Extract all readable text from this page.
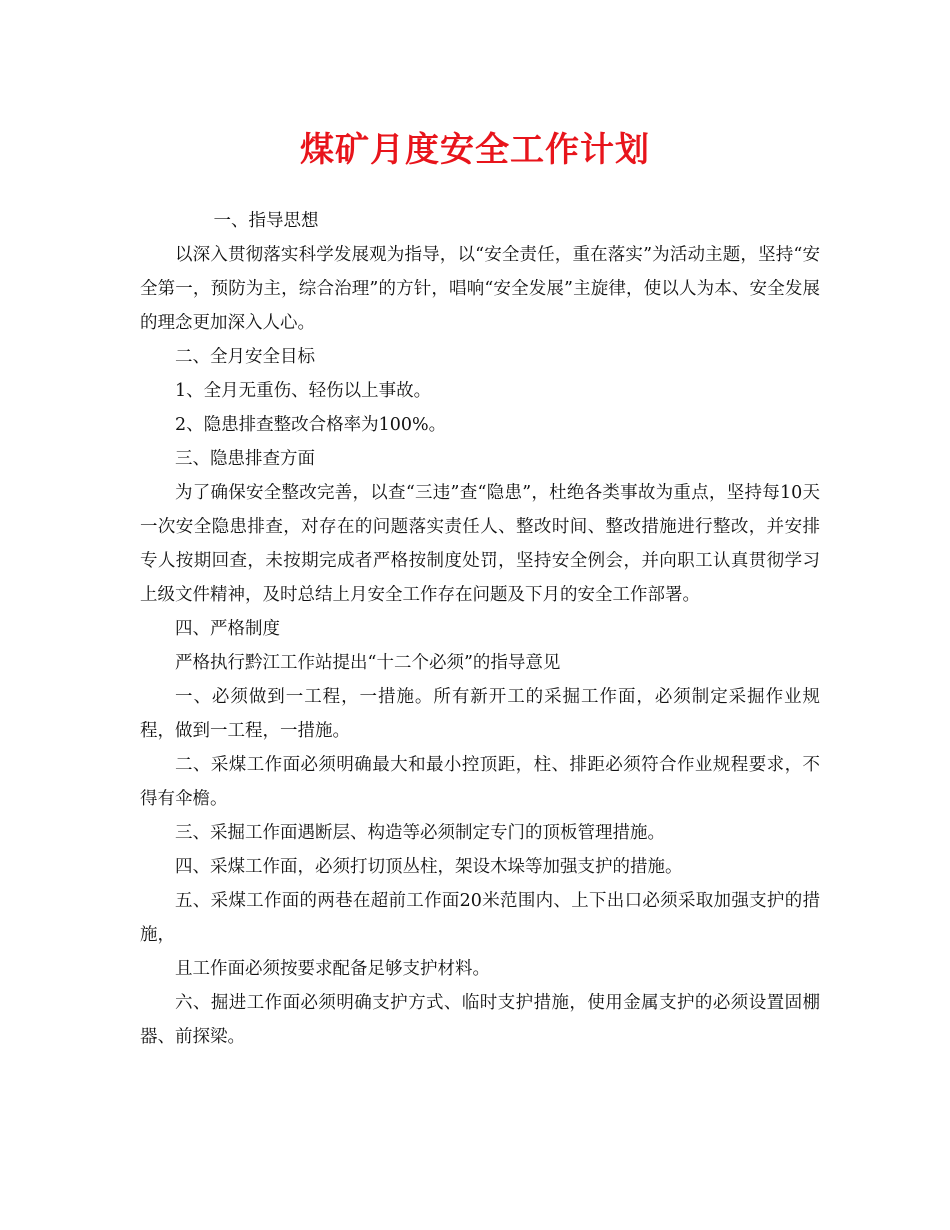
煤矿月度安全工作计划

一、指导思想

以深入贯彻落实科学发展观为指导，以“安全责任，重在落实”为活动主题，坚持“安全第一，预防为主，综合治理”的方针，唱响“安全发展”主旋律，使以人为本、安全发展的理念更加深入人心。

二、全月安全目标

1、全月无重伤、轻伤以上事故。

2、隐患排查整改合格率为100%。

三、隐患排查方面

为了确保安全整改完善，以查“三违”查“隐患”，杜绝各类事故为重点，坚持每10天一次安全隐患排查，对存在的问题落实责任人、整改时间、整改措施进行整改，并安排专人按期回查，未按期完成者严格按制度处罚，坚持安全例会，并向职工认真贯彻学习上级文件精神，及时总结上月安全工作存在问题及下月的安全工作部署。

四、严格制度

严格执行黔江工作站提出“十二个必须”的指导意见

一、必须做到一工程，一措施。所有新开工的采掘工作面，必须制定采掘作业规程，做到一工程，一措施。

二、采煤工作面必须明确最大和最小控顶距，柱、排距必须符合作业规程要求，不得有伞檐。

三、采掘工作面遇断层、构造等必须制定专门的顶板管理措施。

四、采煤工作面，必须打切顶丛柱，架设木垛等加强支护的措施。

五、采煤工作面的两巷在超前工作面20米范围内、上下出口必须采取加强支护的措施，

且工作面必须按要求配备足够支护材料。

六、掘进工作面必须明确支护方式、临时支护措施，使用金属支护的必须设置固棚器、前探梁。
